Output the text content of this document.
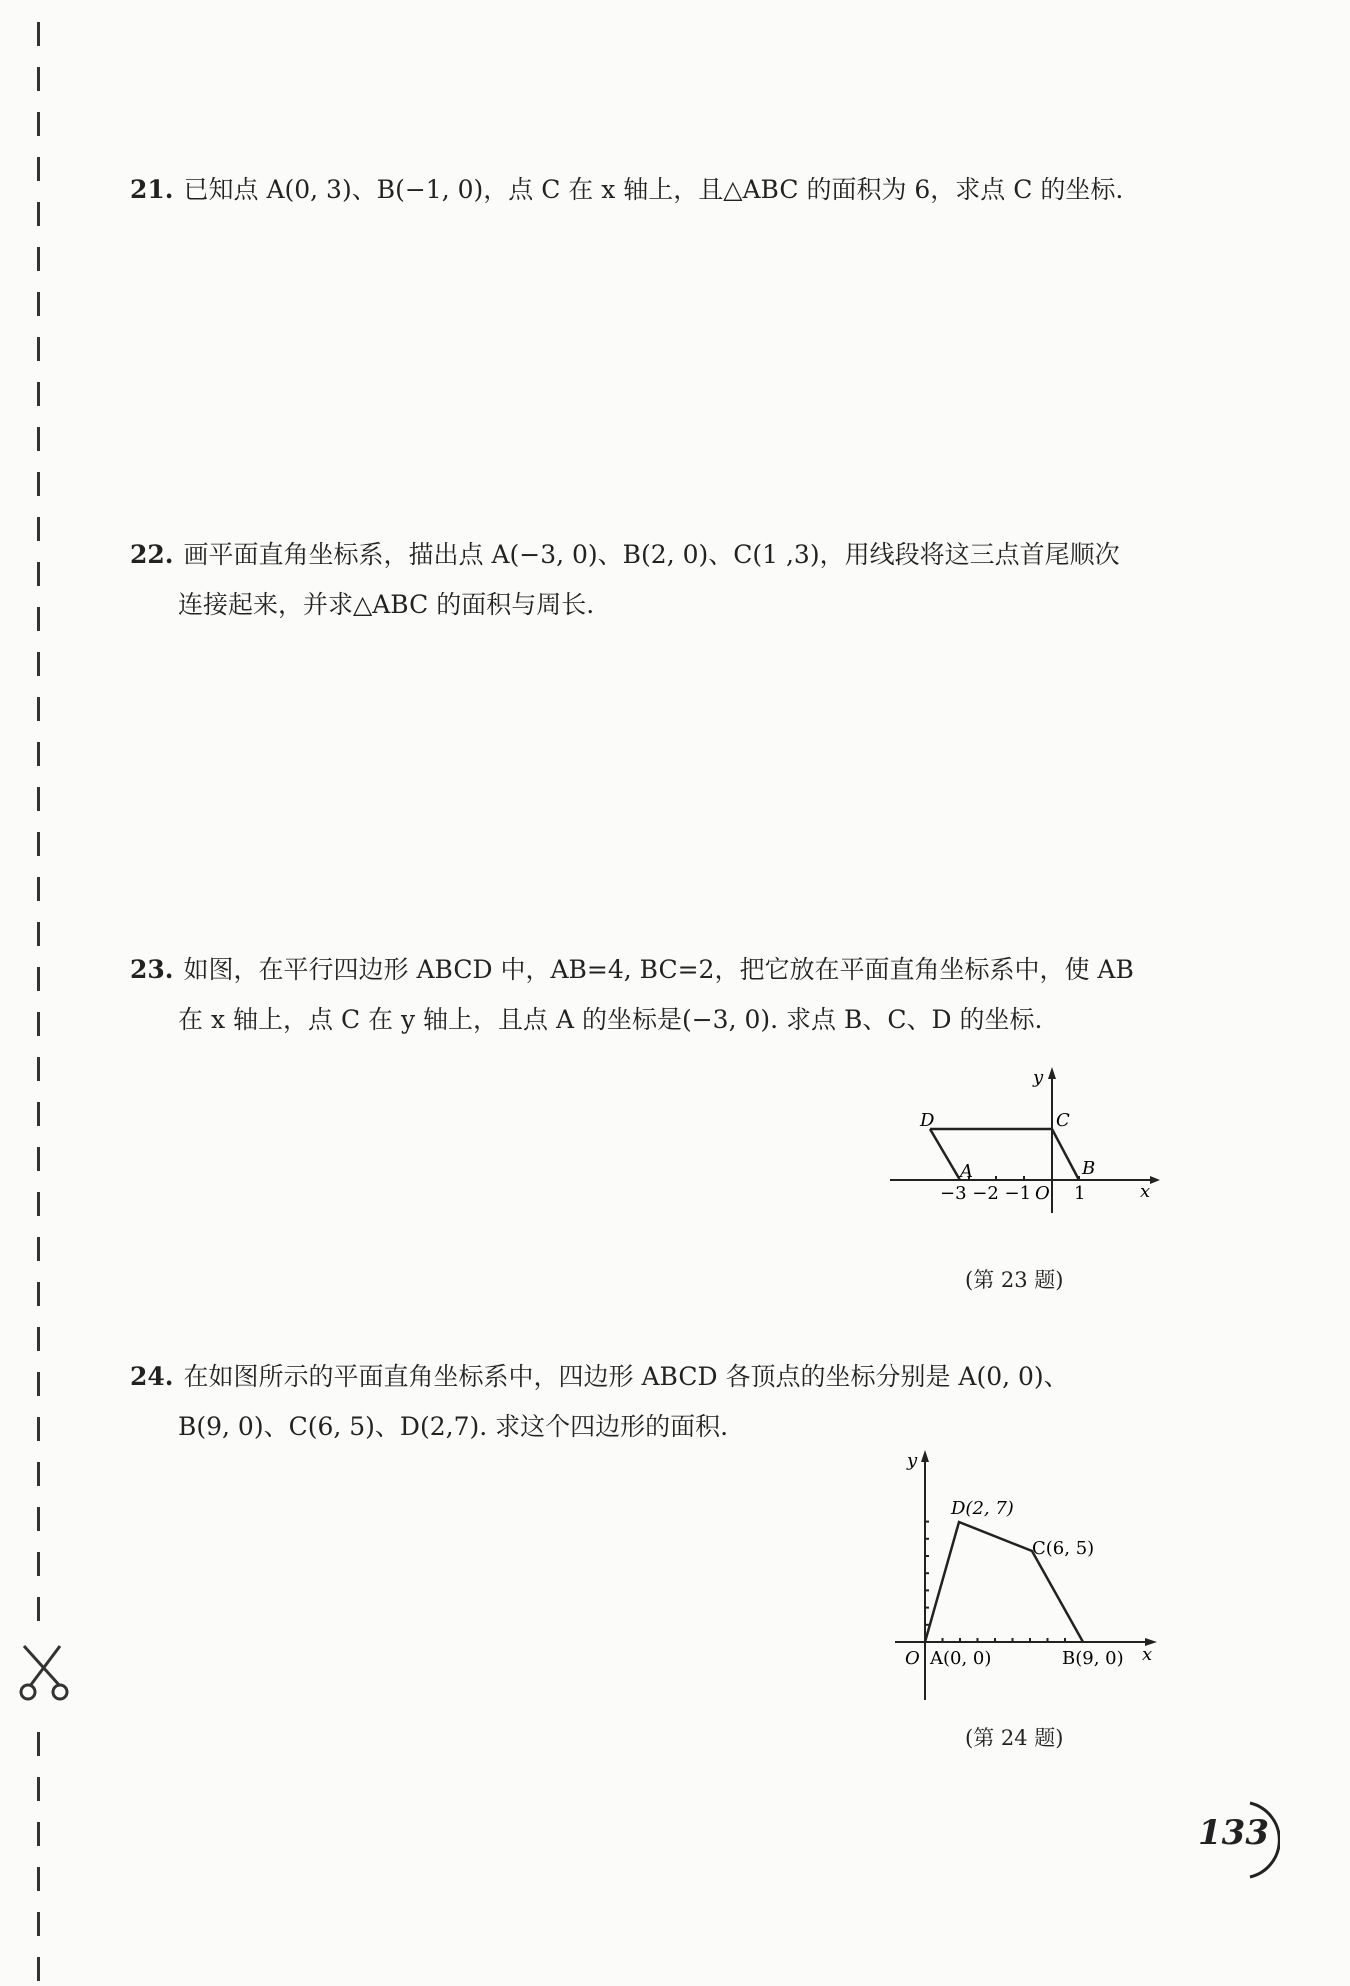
21. 已知点 A(0, 3)、B(−1, 0)，点 C 在 x 轴上，且△ABC 的面积为 6，求点 C 的坐标.
22. 画平面直角坐标系，描出点 A(−3, 0)、B(2, 0)、C(1 ,3)，用线段将这三点首尾顺次
连接起来，并求△ABC 的面积与周长.
23. 如图，在平行四边形 ABCD 中，AB=4, BC=2，把它放在平面直角坐标系中，使 AB
在 x 轴上，点 C 在 y 轴上，且点 A 的坐标是(−3, 0). 求点 B、C、D 的坐标.
D	C
A	B
−3 −2 −1 O 1	x
y
(第 23 题)
24. 在如图所示的平面直角坐标系中，四边形 ABCD 各顶点的坐标分别是 A(0, 0)、
B(9, 0)、C(6, 5)、D(2,7). 求这个四边形的面积.
D(2, 7)
C(6, 5)
O A(0, 0)	B(9, 0) x
y
(第 24 题)
133
